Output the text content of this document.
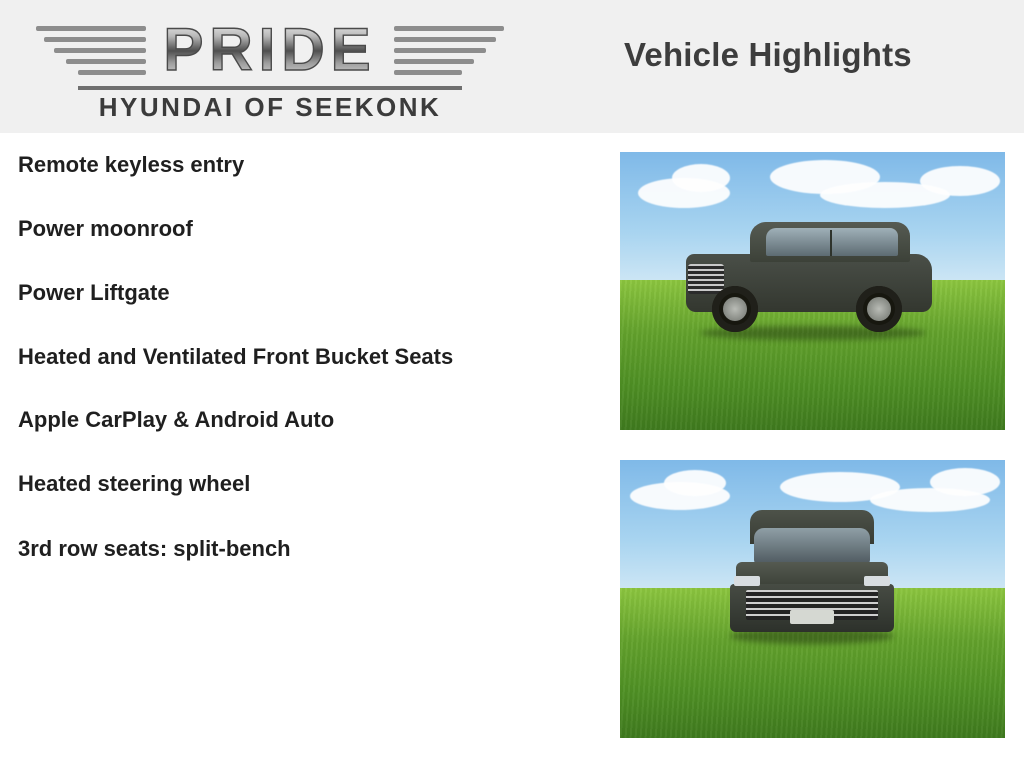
PRIDE
HYUNDAI OF SEEKONK
Vehicle Highlights
Remote keyless entry
Power moonroof
Power Liftgate
Heated and Ventilated Front Bucket Seats
Apple CarPlay & Android Auto
Heated steering wheel
3rd row seats: split-bench
